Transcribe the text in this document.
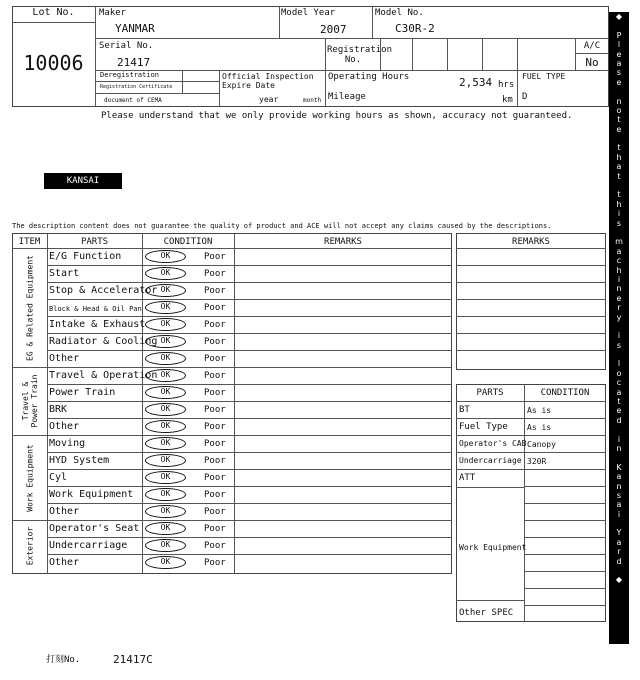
Lot No.
10006
Maker
YANMAR
Model Year
2007
Model No.
C30R-2
Serial No.
21417
Registration No.
A/C
No
Deregistration
Registration Certificate
document of CEMA
Official Inspection Expire Date
year	month
Operating Hours	2,534 hrs
Mileage	km
FUEL TYPE
D
Please understand that we only provide working hours as shown, accuracy not guaranteed.
KANSAI
The description content does not guarantee the quality of product and ACE will not accept any claims caused by the descriptions.
ITEM	PARTS	CONDITION	REMARKS
E/G Function	OK	Poor
Start	OK	Poor
Stop & Accelerator OK	Poor
Block & Head & Oil Pan	OK	Poor
Intake & Exhaust	OK	Poor
Radiator & Cooling OK	Poor
Other	OK	Poor
EG & Related Equipment
Travel & Operation OK	Poor
Power Train	OK	Poor
BRK	OK	Poor
Other	OK	Poor
Travel & Power Train
Moving	OK	Poor
HYD System	OK	Poor
Cyl	OK	Poor
Work Equipment	OK	Poor
Other	OK	Poor
Work Equipment
Operator's Seat	OK	Poor
Undercarriage	OK	Poor
Other	OK	Poor
Exterior
REMARKS
PARTS	CONDITION
BT	As is
Fuel Type As is
Operator's CAB Canopy
Undercarriage 320R
ATT
Work Equipment
Other SPEC
◆

P
l
e
a
s
e

n
o
t
e

t
h
a
t

t
h
i
s

m
a
c
h
i
n
e
r
y

i
s

l
o
c
a
t
e
d

i
n

K
a
n
s
a
i

Y
a
r
d

◆
打刻No.	21417C
